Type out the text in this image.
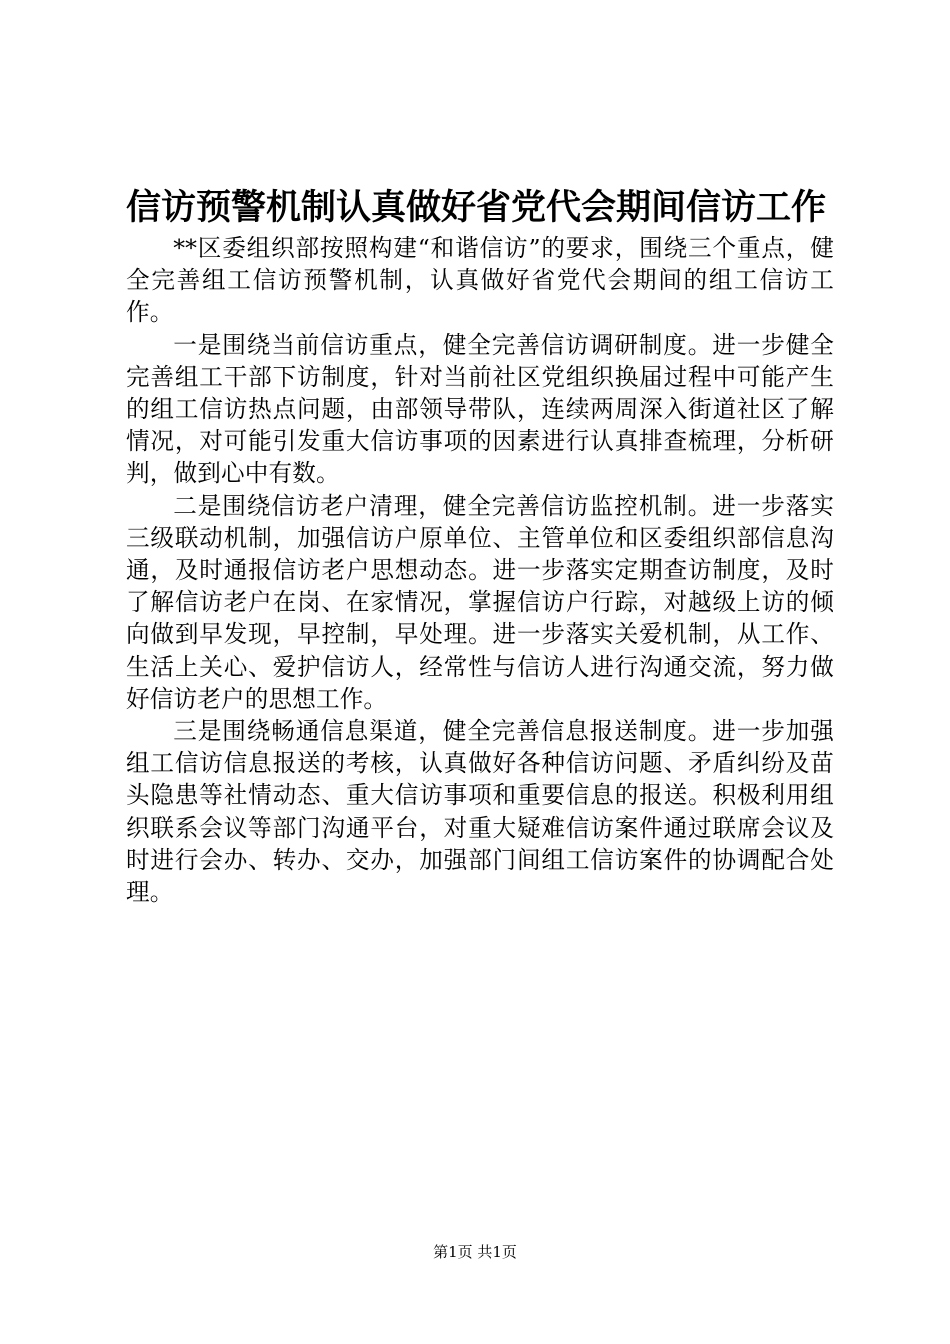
信访预警机制认真做好省党代会期间信访工作

**区委组织部按照构建“和谐信访”的要求，围绕三个重点，健全完善组工信访预警机制，认真做好省党代会期间的组工信访工作。

一是围绕当前信访重点，健全完善信访调研制度。进一步健全完善组工干部下访制度，针对当前社区党组织换届过程中可能产生的组工信访热点问题，由部领导带队，连续两周深入街道社区了解情况，对可能引发重大信访事项的因素进行认真排查梳理，分析研判，做到心中有数。

二是围绕信访老户清理，健全完善信访监控机制。进一步落实三级联动机制，加强信访户原单位、主管单位和区委组织部信息沟通，及时通报信访老户思想动态。进一步落实定期查访制度，及时了解信访老户在岗、在家情况，掌握信访户行踪，对越级上访的倾向做到早发现，早控制，早处理。进一步落实关爱机制，从工作、生活上关心、爱护信访人，经常性与信访人进行沟通交流，努力做好信访老户的思想工作。

三是围绕畅通信息渠道，健全完善信息报送制度。进一步加强组工信访信息报送的考核，认真做好各种信访问题、矛盾纠纷及苗头隐患等社情动态、重大信访事项和重要信息的报送。积极利用组织联系会议等部门沟通平台，对重大疑难信访案件通过联席会议及时进行会办、转办、交办，加强部门间组工信访案件的协调配合处理。

第1页 共1页
